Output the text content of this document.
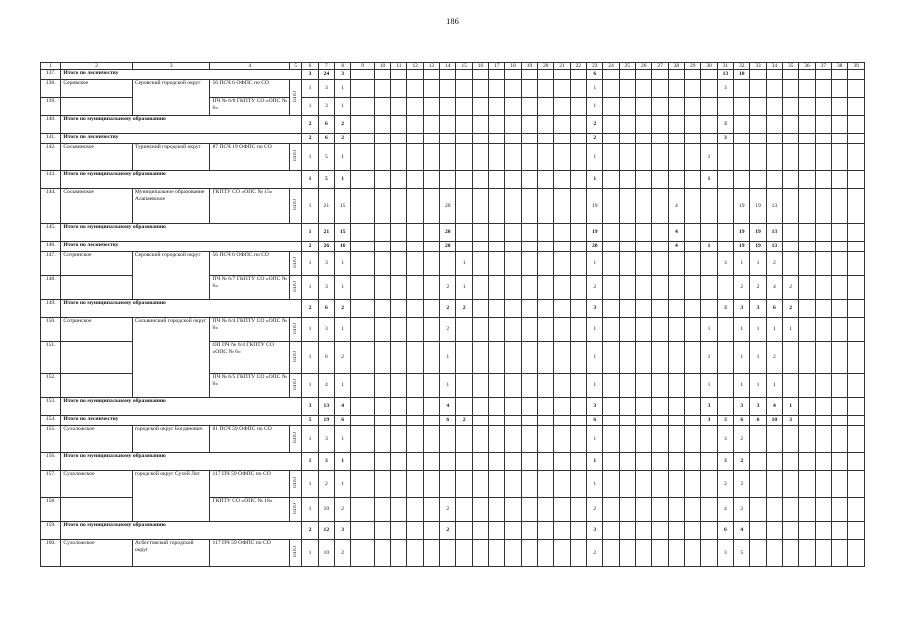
186
1	2	3	4	5	6	7	8	9	10	11	12	13	14	15	16	17	18	19	20	21	22	23	24	25	26	27	28	29	30	31	32	33	34	35	36	37	38	39
137.	Итого по лесничеству				3	24	3															6								13	18							
138.	Серовское	Серовский городской округ	56 ПСЧ 6 ОФПС по СО	ППО	1	3	1															1								3								
139.			ПЧ № 6/8 ГКПТУ СО «ОПС № 6»		1	3	1															1																
140.	Итого по муниципальному образованию				2	6	2															2								3								
141.	Итого по лесничеству				2	6	2															2								3								
142.	Сосьвинское	Туринский городской округ	87 ПСЧ 19 ОФПС по СО	ППО	1	5	1															1							1									
143.	Итого по муниципальному образованию				1	5	1															1							1									
144.	Сосьвинское	Муниципальное образование Алапаевское	ГКПТУ СО «ОПС № 15»	ППО	1	21	15						20									19					4				19	19	13					
145.	Итого по муниципальному образованию				1	21	15						20									19					4				19	19	13					
146.	Итого по лесничеству				2	26	16						20									20					4		1		19	19	13					
147.	Сотринское	Серовский городской округ	56 ПСЧ 6 ОФПС по СО	ППО	1	3	1							1								1								3	1	1	2					
148.			ПЧ № 6/7 ГКПТУ СО «ОПС № 6»	ППО	1	3	1						2	1								2									2	2	4	2				
149.	Итого по муниципальному образованию				2	6	2						2	2								3								3	3	3	6	2				
150.	Сотринское	Сосьвинский городской округ	ПЧ № 6/4 ГКПТУ СО «ОПС № 6»	ППО	1	3	1						2									1							1		1	1	1	1				
151.			ОП ПЧ № 6/4 ГКПТУ СО «ОПС № 6»	ППО	1	6	2						1									1							1		1	1	2					
152.			ПЧ № 6/5 ГКПТУ СО «ОПС № 6»	ППО	1	4	1						1									1							1		1	1	1					
153.	Итого по муниципальному образованию				3	13	4						4									3							3		3	3	4	1				
154.	Итого по лесничеству				5	19	6						6	2								6							3	3	6	6	10	3				
155.	Сухоложское	городской округ Богданович	81 ПСЧ 59 ОФПС по СО	ППО	1	3	1															1								3	2							
156.	Итого по муниципальному образованию				1	3	1															1								3	2							
157.	Сухоложское	городской округ Сухой Лог	117 ПЧ 59 ОФПС по СО	ППО	1	2	1															1								2	2							
158.			ГКПТУ СО «ОПС № 18»	ППО	1	10	2						2									2								4	2							
159.	Итого по муниципальному образованию				2	12	3						2									3								6	4							
160.	Сухоложское	Асбестовский городской округ	117 ПЧ 59 ОФПС по СО	ППО	1	10	2															2								3	5							
